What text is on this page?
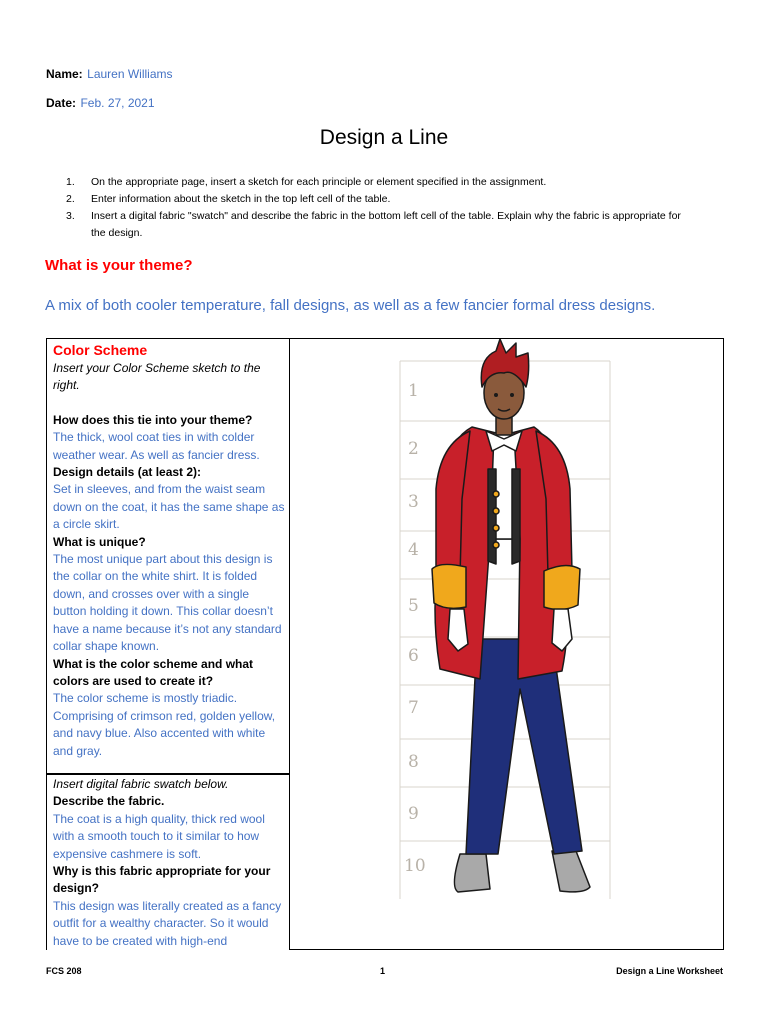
Name: Lauren Williams
Date: Feb. 27, 2021
Design a Line
1. On the appropriate page, insert a sketch for each principle or element specified in the assignment.
2. Enter information about the sketch in the top left cell of the table.
3. Insert a digital fabric "swatch" and describe the fabric in the bottom left cell of the table. Explain why the fabric is appropriate for the design.
What is your theme?
A mix of both cooler temperature, fall designs, as well as a few fancier formal dress designs.
Color Scheme
Insert your Color Scheme sketch to the right.
How does this tie into your theme?
The thick, wool coat ties in with colder weather wear. As well as fancier dress.
Design details (at least 2):
Set in sleeves, and from the waist seam down on the coat, it has the same shape as a circle skirt.
What is unique?
The most unique part about this design is the collar on the white shirt. It is folded down, and crosses over with a single button holding it down. This collar doesn’t have a name because it’s not any standard collar shape known.
What is the color scheme and what colors are used to create it?
The color scheme is mostly triadic. Comprising of crimson red, golden yellow, and navy blue. Also accented with white and gray.
Insert digital fabric swatch below.
Describe the fabric.
The coat is a high quality, thick red wool with a smooth touch to it similar to how expensive cashmere is soft.
Why is this fabric appropriate for your design?
This design was literally created as a fancy outfit for a wealthy character. So it would have to be created with high-end
1
2
3
4
5
6
7
8
9
10
FCS 208	1	Design a Line Worksheet
